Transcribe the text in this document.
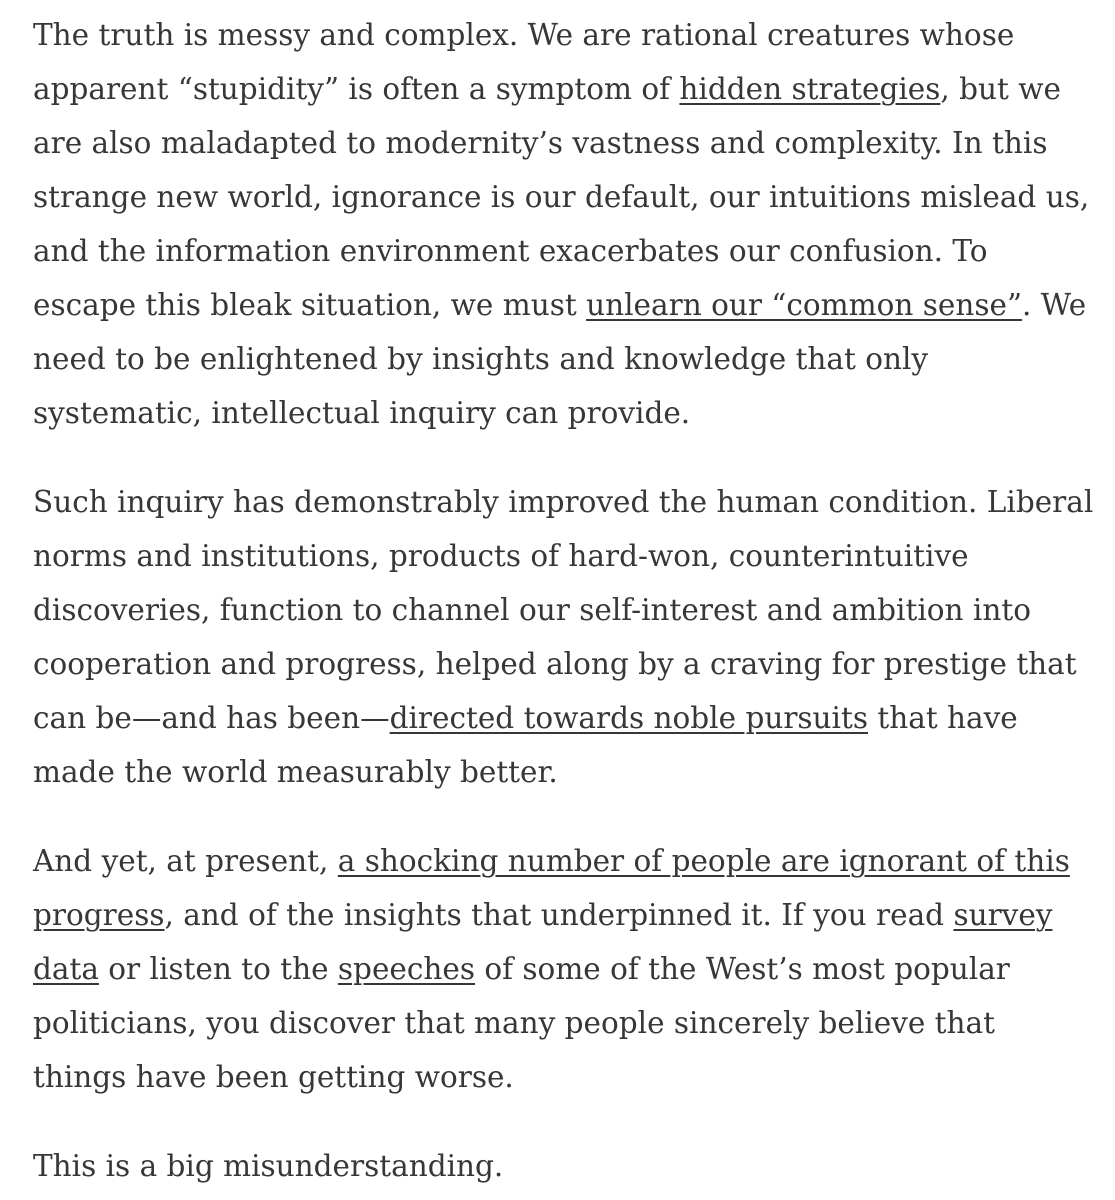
The truth is messy and complex. We are rational creatures whose apparent “stupidity” is often a symptom of hidden strategies, but we are also maladapted to modernity’s vastness and complexity. In this strange new world, ignorance is our default, our intuitions mislead us, and the information environment exacerbates our confusion. To escape this bleak situation, we must unlearn our “common sense”. We need to be enlightened by insights and knowledge that only systematic, intellectual inquiry can provide.

Such inquiry has demonstrably improved the human condition. Liberal norms and institutions, products of hard-won, counterintuitive discoveries, function to channel our self-interest and ambition into cooperation and progress, helped along by a craving for prestige that can be—and has been—directed towards noble pursuits that have made the world measurably better.

And yet, at present, a shocking number of people are ignorant of this progress, and of the insights that underpinned it. If you read survey data or listen to the speeches of some of the West’s most popular politicians, you discover that many people sincerely believe that things have been getting worse.

This is a big misunderstanding.
